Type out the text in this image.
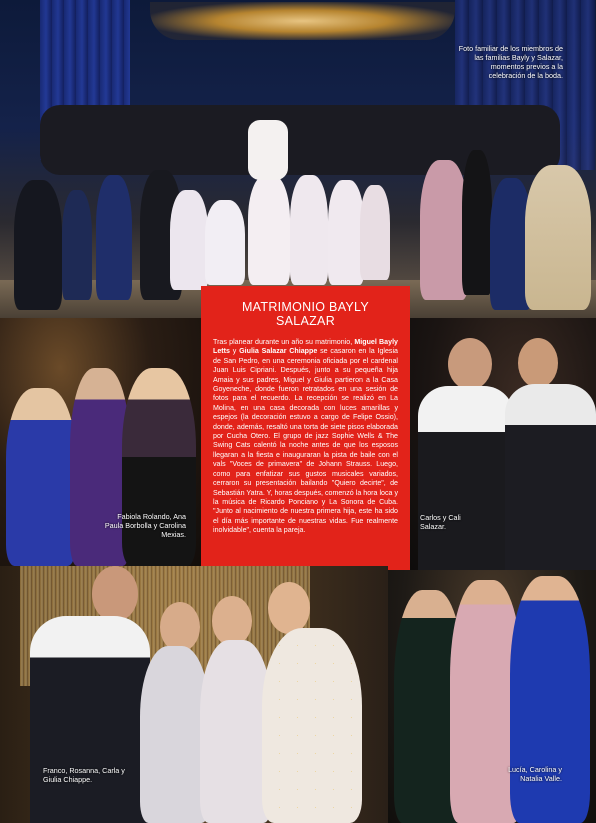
Foto familiar de los miembros de las familias Bayly y Salazar, momentos previos a la celebración de la boda.
Fabiola Rolando, Ana Paula Borbolla y Carolina Mexias.
MATRIMONIO BAYLY SALAZAR

Tras planear durante un año su matrimonio, Miguel Bayly Letts y Giulia Salazar Chiappe se casaron en la Iglesia de San Pedro, en una ceremonia oficiada por el cardenal Juan Luis Cipriani. Después, junto a su pequeña hija Amaia y sus padres, Miguel y Giulia partieron a la Casa Goyeneche, donde fueron retratados en una sesión de fotos para el recuerdo. La recepción se realizó en La Molina, en una casa decorada con luces amarillas y espejos (la decoración estuvo a cargo de Felipe Ossio), donde, además, resaltó una torta de siete pisos elaborada por Cucha Otero. El grupo de jazz Sophie Wells & The Swing Cats calentó la noche antes de que los esposos llegaran a la fiesta e inauguraran la pista de baile con el vals "Voces de primavera" de Johann Strauss. Luego, como para enfatizar sus gustos musicales variados, cerraron su presentación bailando "Quiero decirte", de Sebastián Yatra. Y, horas después, comenzó la hora loca y la música de Ricardo Ponciano y La Sonora de Cuba. "Junto al nacimiento de nuestra primera hija, este ha sido el día más importante de nuestras vidas. Fue realmente inolvidable", cuenta la pareja.

Carlos y Cali Salazar.
Franco, Rosanna, Carla y Giulia Chiappe.
Lucía, Carolina y Natalia Valle.
